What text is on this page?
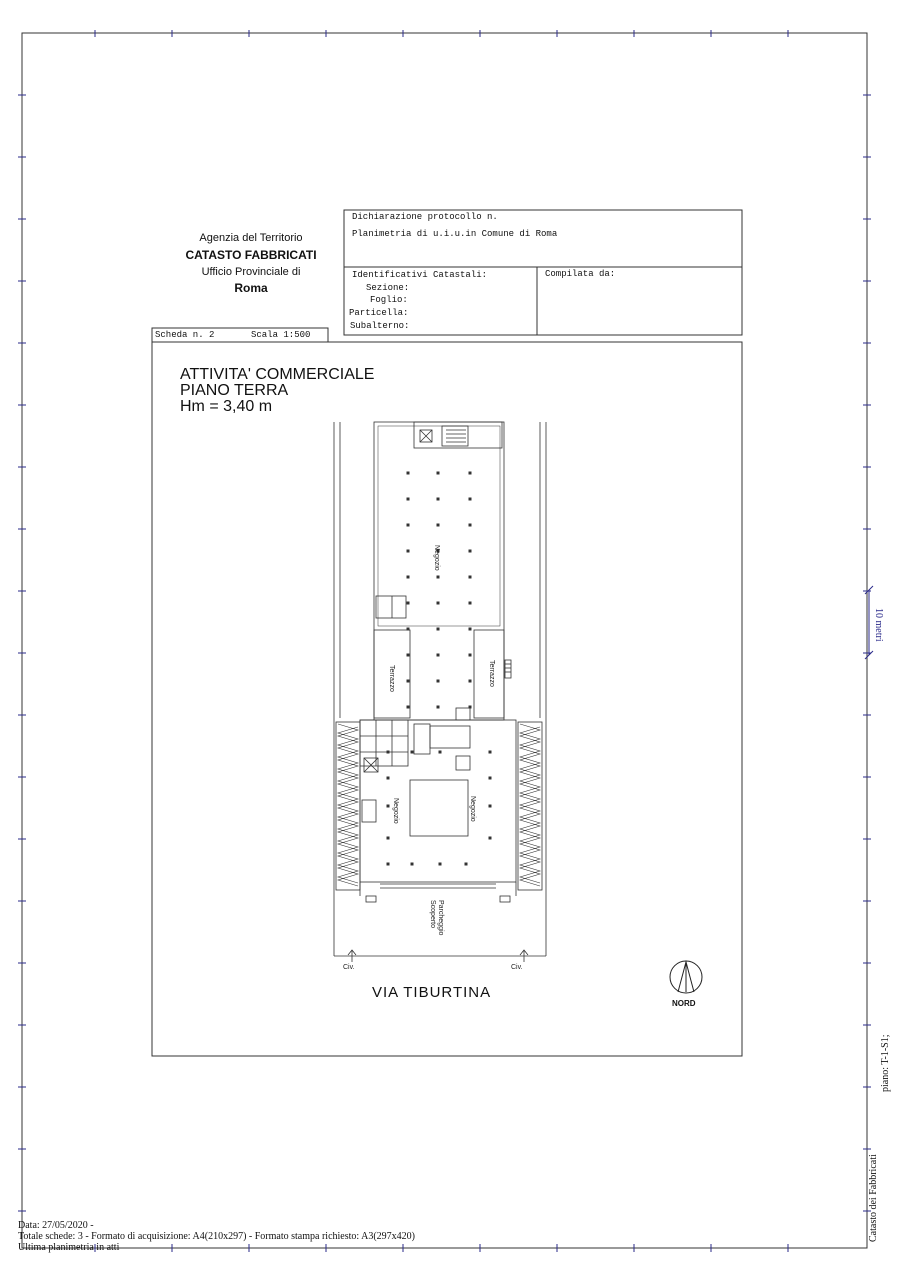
Agenzia del Territorio
CATASTO FABBRICATI
Ufficio Provinciale di
Roma
Dichiarazione protocollo n.
Planimetria di u.i.u.in Comune di Roma
Identificativi Catastali:
Sezione:
Foglio:
Particella:
Subalterno:
Compilata da:
Scheda n. 2	Scala 1:500
ATTIVITA' COMMERCIALE
PIANO TERRA
Hm = 3,40 m
Negozio
Terrazzo	Terrazzo
Negozio	Negozio
Parcheggio Scoperto
Civ.	Civ.
VIA TIBURTINA
NORD
10 metri
piano: T-1-S1;
Catasto dei Fabbricati
Data: 27/05/2020 -
Totale schede: 3 - Formato di acquisizione: A4(210x297) - Formato stampa richiesto: A3(297x420)
Ultima planimetria in atti
